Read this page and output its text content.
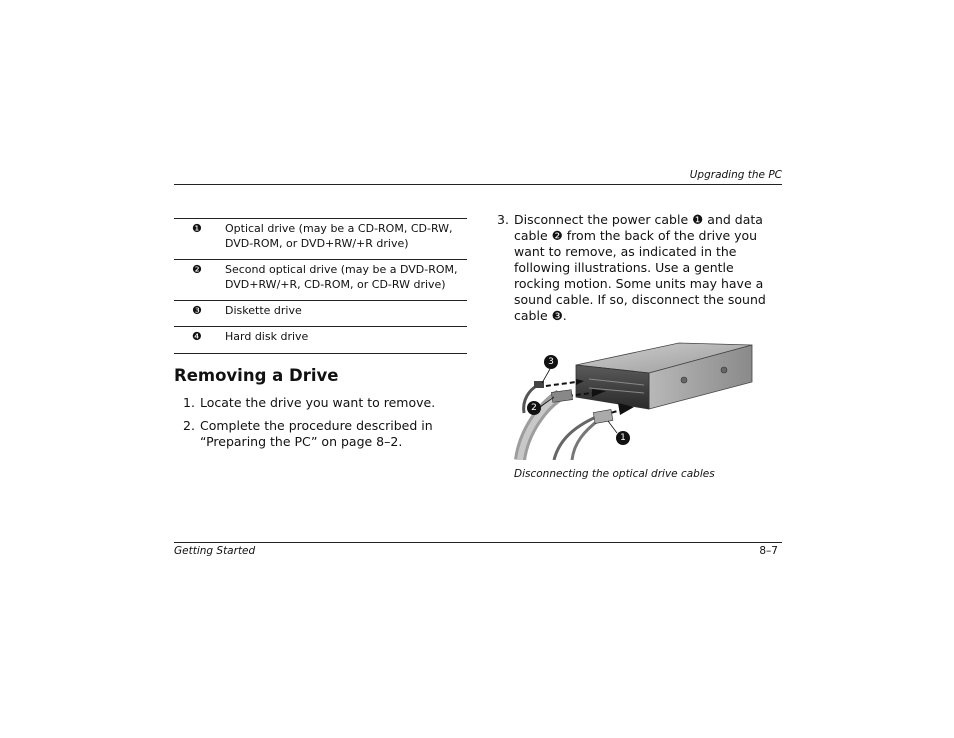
Upgrading the PC
❶ Optical drive (may be a CD-ROM, CD-RW, DVD-ROM, or DVD+RW/+R drive)
❷ Second optical drive (may be a DVD-ROM, DVD+RW/+R, CD-ROM, or CD-RW drive)
❸ Diskette drive
❹ Hard disk drive
Removing a Drive
1. Locate the drive you want to remove.
2. Complete the procedure described in “Preparing the PC” on page 8–2.
3. Disconnect the power cable ❶ and data cable ❷ from the back of the drive you want to remove, as indicated in the following illustrations. Use a gentle rocking motion. Some units may have a sound cable. If so, disconnect the sound cable ❸.
3
2
1
Disconnecting the optical drive cables
Getting Started	8–7
